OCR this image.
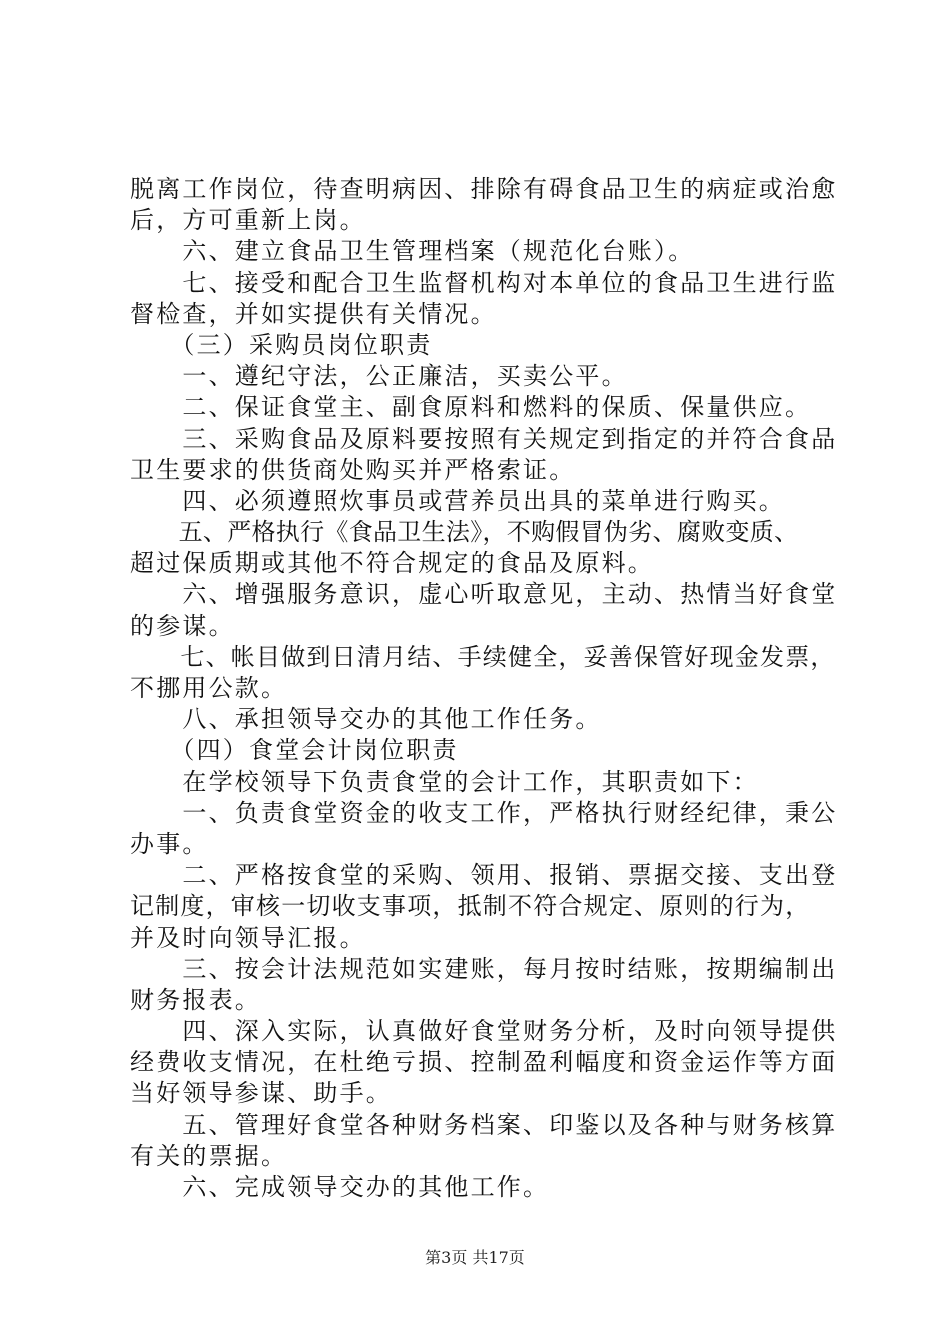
脱离工作岗位，待查明病因、排除有碍食品卫生的病症或治愈
后，方可重新上岗。
　　六、建立食品卫生管理档案（规范化台账）。
　　七、接受和配合卫生监督机构对本单位的食品卫生进行监
督检查，并如实提供有关情况。
　　（三）采购员岗位职责
　　一、遵纪守法，公正廉洁，买卖公平。
　　二、保证食堂主、副食原料和燃料的保质、保量供应。
　　三、采购食品及原料要按照有关规定到指定的并符合食品
卫生要求的供货商处购买并严格索证。
　　四、必须遵照炊事员或营养员出具的菜单进行购买。
　　五、严格执行《食品卫生法》，不购假冒伪劣、腐败变质、
超过保质期或其他不符合规定的食品及原料。
　　六、增强服务意识，虚心听取意见，主动、热情当好食堂
的参谋。
　　七、帐目做到日清月结、手续健全，妥善保管好现金发票，
不挪用公款。
　　八、承担领导交办的其他工作任务。
　　（四）食堂会计岗位职责
　　在学校领导下负责食堂的会计工作，其职责如下：
　　一、负责食堂资金的收支工作，严格执行财经纪律，秉公
办事。
　　二、严格按食堂的采购、领用、报销、票据交接、支出登
记制度，审核一切收支事项，抵制不符合规定、原则的行为，
并及时向领导汇报。
　　三、按会计法规范如实建账，每月按时结账，按期编制出
财务报表。
　　四、深入实际，认真做好食堂财务分析，及时向领导提供
经费收支情况，在杜绝亏损、控制盈利幅度和资金运作等方面
当好领导参谋、助手。
　　五、管理好食堂各种财务档案、印鉴以及各种与财务核算
有关的票据。
　　六、完成领导交办的其他工作。
第3页 共17页
